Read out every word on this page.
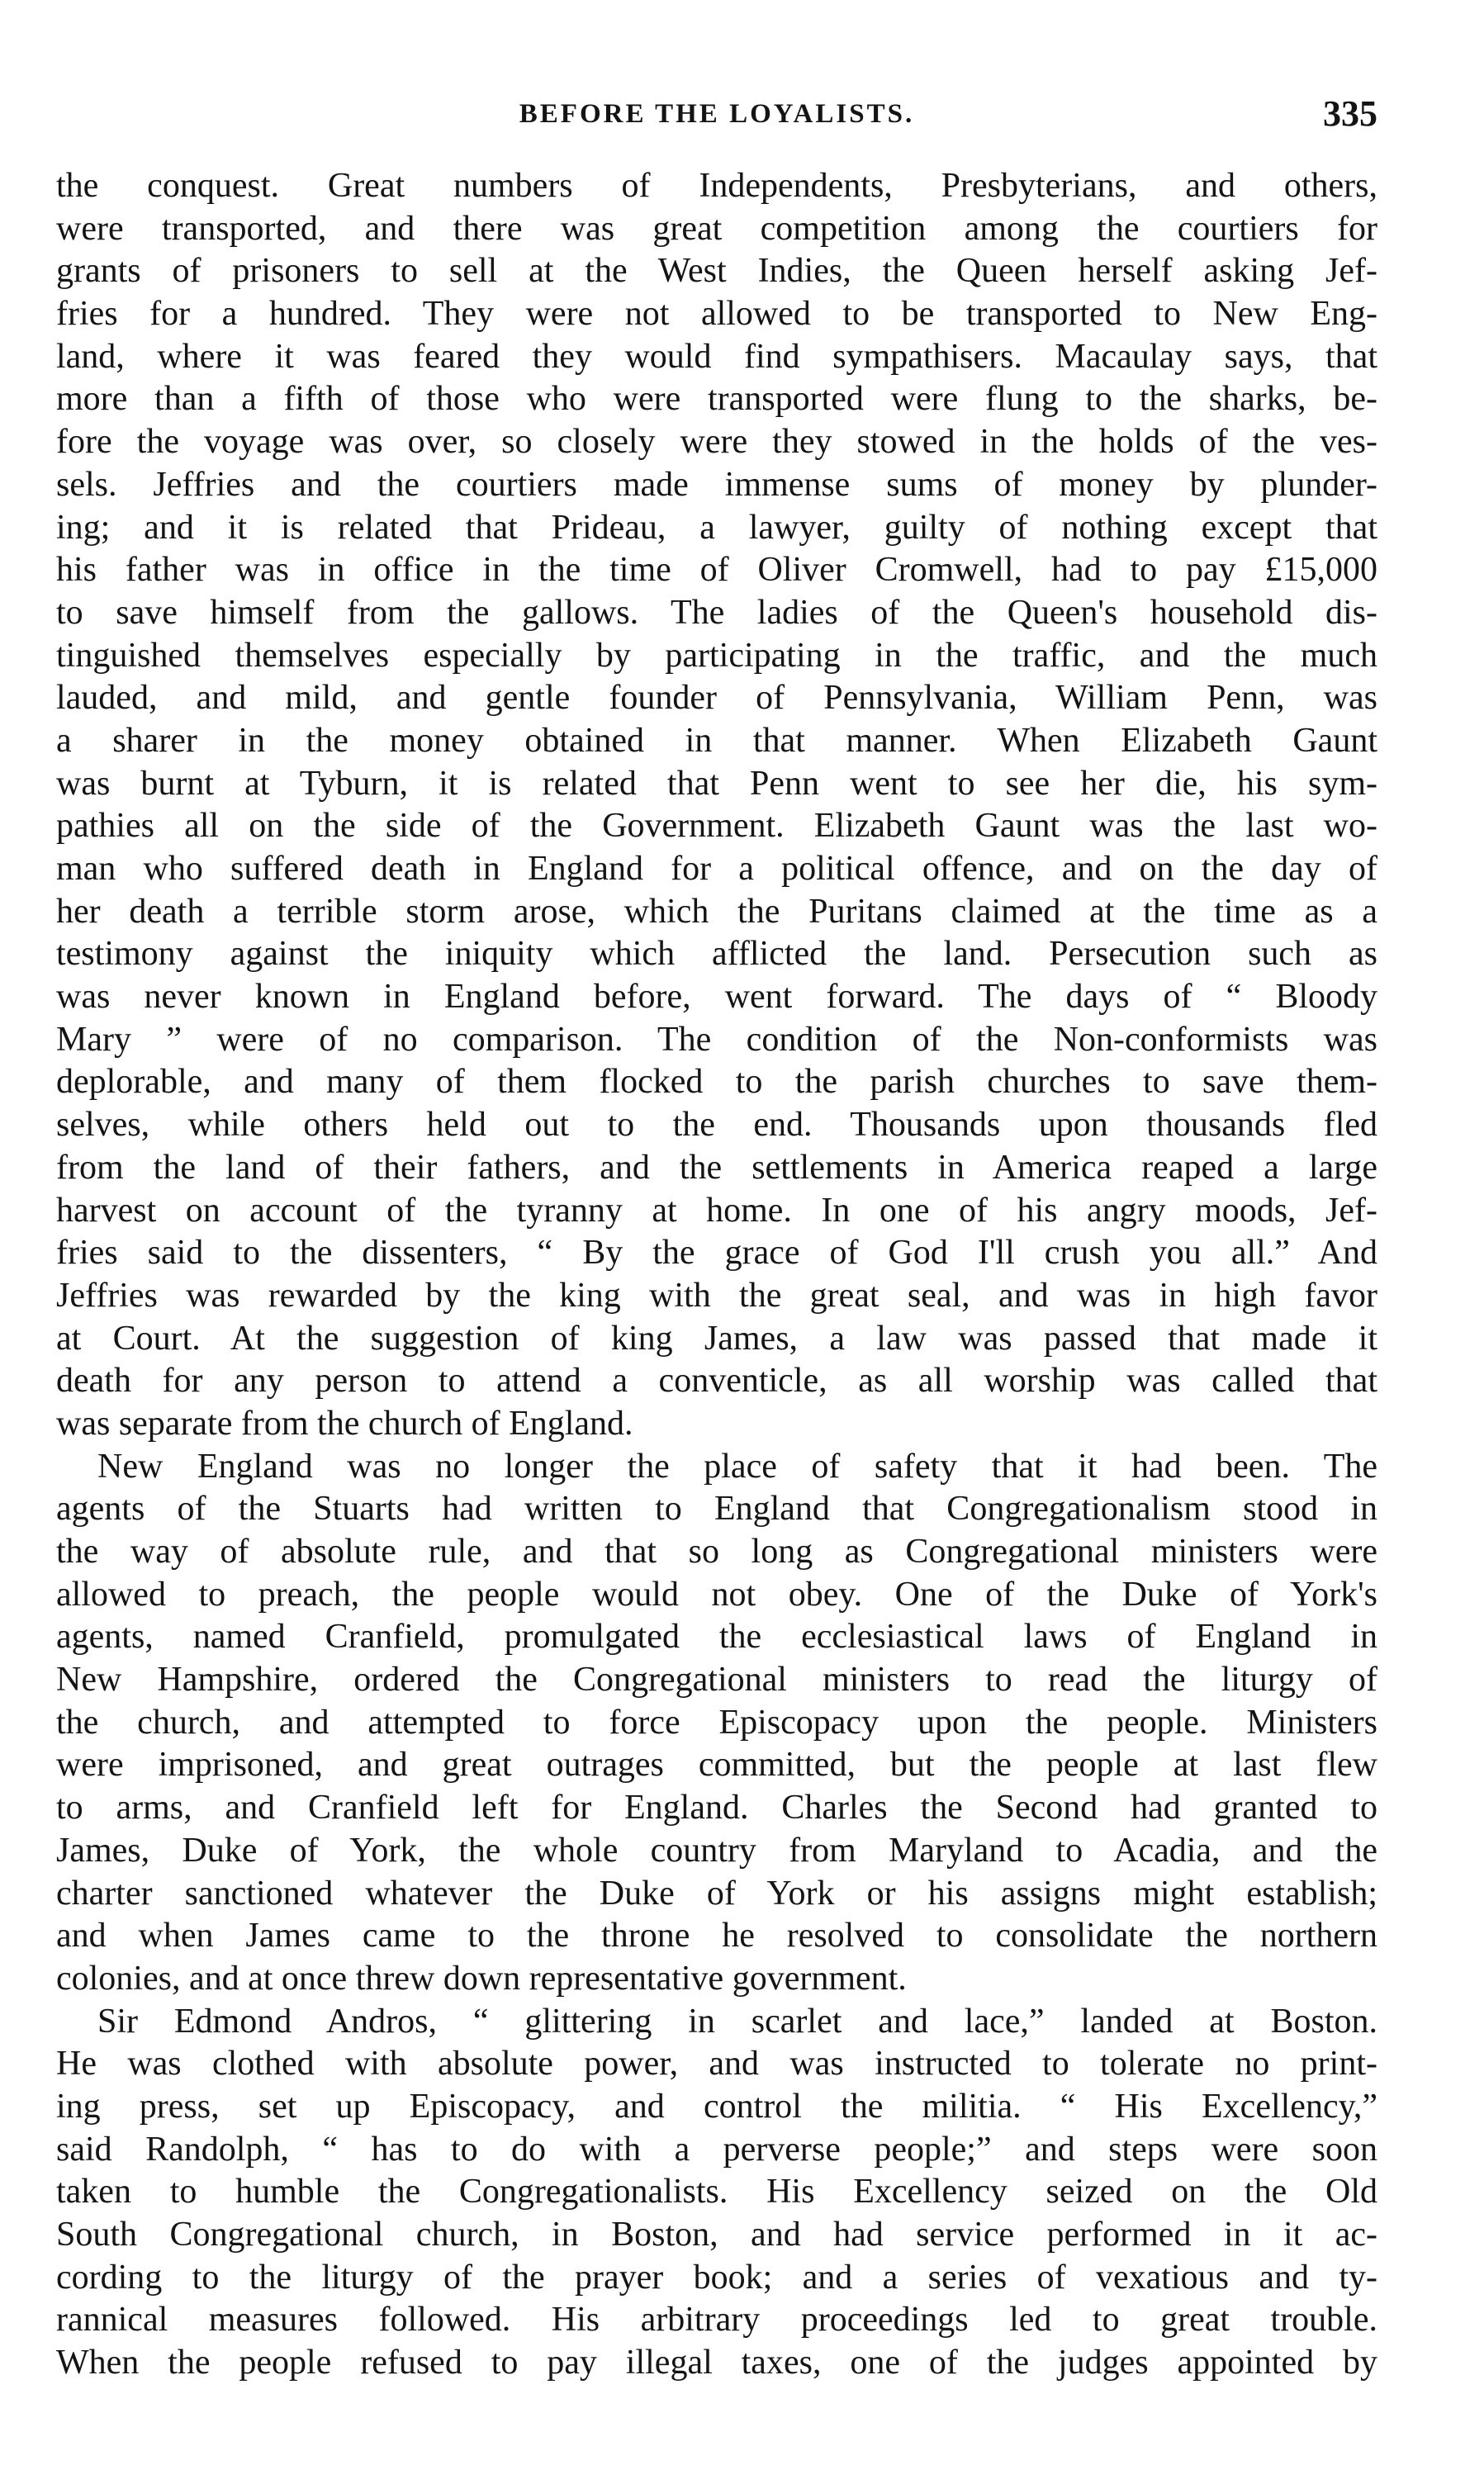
BEFORE THE LOYALISTS.	335
the conquest. Great numbers of Independents, Presbyterians, and others,
were transported, and there was great competition among the courtiers for
grants of prisoners to sell at the West Indies, the Queen herself asking Jef-
fries for a hundred. They were not allowed to be transported to New Eng-
land, where it was feared they would find sympathisers. Macaulay says, that
more than a fifth of those who were transported were flung to the sharks, be-
fore the voyage was over, so closely were they stowed in the holds of the ves-
sels. Jeffries and the courtiers made immense sums of money by plunder-
ing; and it is related that Prideau, a lawyer, guilty of nothing except that
his father was in office in the time of Oliver Cromwell, had to pay £15,000
to save himself from the gallows. The ladies of the Queen's household dis-
tinguished themselves especially by participating in the traffic, and the much
lauded, and mild, and gentle founder of Pennsylvania, William Penn, was
a sharer in the money obtained in that manner. When Elizabeth Gaunt
was burnt at Tyburn, it is related that Penn went to see her die, his sym-
pathies all on the side of the Government. Elizabeth Gaunt was the last wo-
man who suffered death in England for a political offence, and on the day of
her death a terrible storm arose, which the Puritans claimed at the time as a
testimony against the iniquity which afflicted the land. Persecution such as
was never known in England before, went forward. The days of “ Bloody
Mary ” were of no comparison. The condition of the Non-conformists was
deplorable, and many of them flocked to the parish churches to save them-
selves, while others held out to the end. Thousands upon thousands fled
from the land of their fathers, and the settlements in America reaped a large
harvest on account of the tyranny at home. In one of his angry moods, Jef-
fries said to the dissenters, “ By the grace of God I'll crush you all.” And
Jeffries was rewarded by the king with the great seal, and was in high favor
at Court. At the suggestion of king James, a law was passed that made it
death for any person to attend a conventicle, as all worship was called that
was separate from the church of England.
New England was no longer the place of safety that it had been. The
agents of the Stuarts had written to England that Congregationalism stood in
the way of absolute rule, and that so long as Congregational ministers were
allowed to preach, the people would not obey. One of the Duke of York's
agents, named Cranfield, promulgated the ecclesiastical laws of England in
New Hampshire, ordered the Congregational ministers to read the liturgy of
the church, and attempted to force Episcopacy upon the people. Ministers
were imprisoned, and great outrages committed, but the people at last flew
to arms, and Cranfield left for England. Charles the Second had granted to
James, Duke of York, the whole country from Maryland to Acadia, and the
charter sanctioned whatever the Duke of York or his assigns might establish;
and when James came to the throne he resolved to consolidate the northern
colonies, and at once threw down representative government.
Sir Edmond Andros, “ glittering in scarlet and lace,” landed at Boston.
He was clothed with absolute power, and was instructed to tolerate no print-
ing press, set up Episcopacy, and control the militia. “ His Excellency,”
said Randolph, “ has to do with a perverse people;” and steps were soon
taken to humble the Congregationalists. His Excellency seized on the Old
South Congregational church, in Boston, and had service performed in it ac-
cording to the liturgy of the prayer book; and a series of vexatious and ty-
rannical measures followed. His arbitrary proceedings led to great trouble.
When the people refused to pay illegal taxes, one of the judges appointed by
